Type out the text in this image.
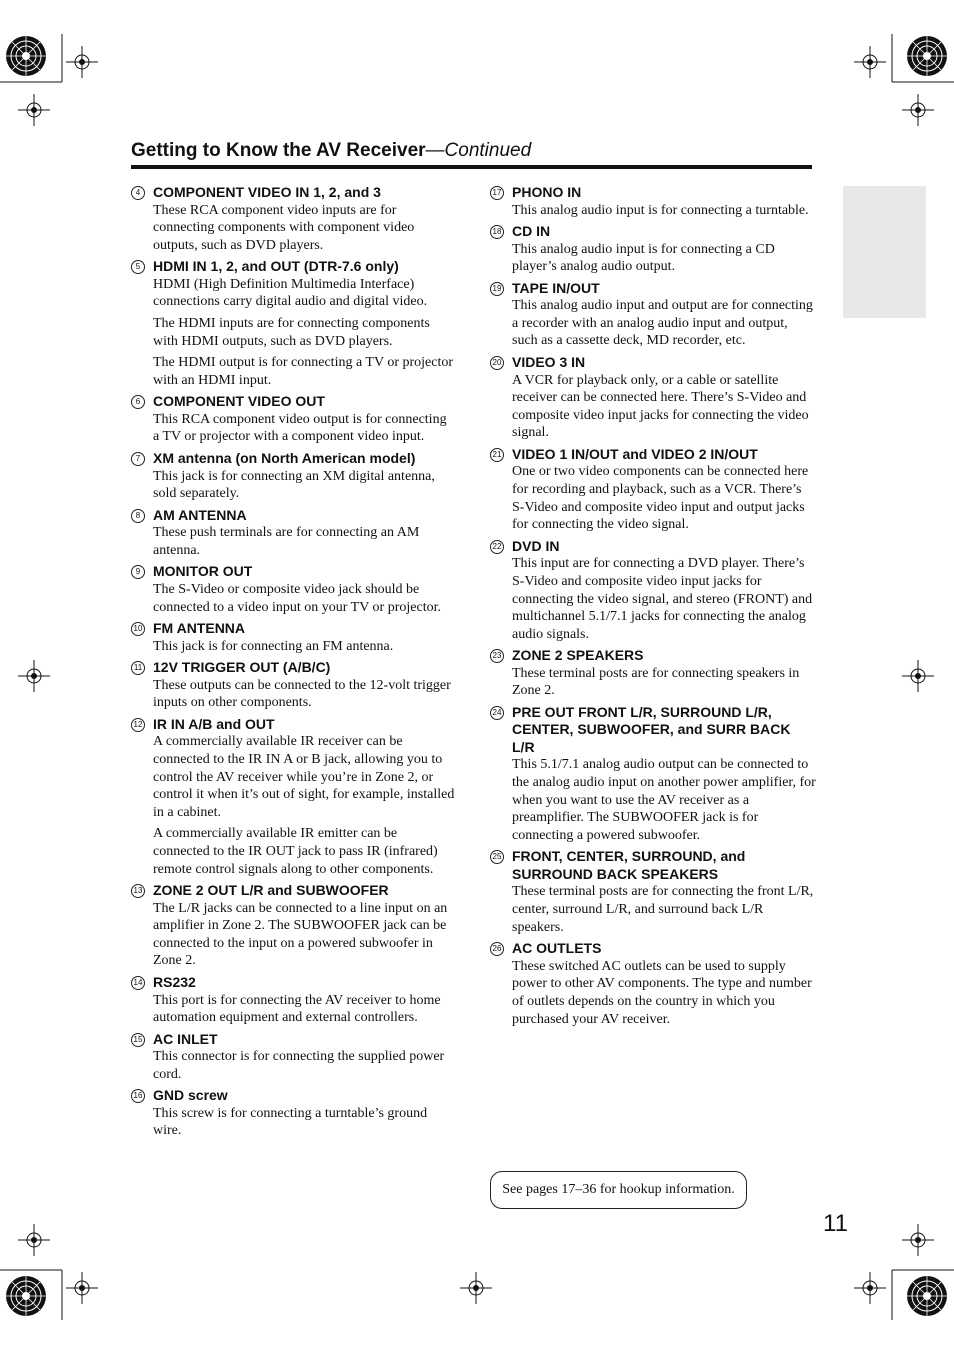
Getting to Know the AV Receiver—Continued
4 COMPONENT VIDEO IN 1, 2, and 3

These RCA component video inputs are for connecting components with component video outputs, such as DVD players.

5 HDMI IN 1, 2, and OUT (DTR-7.6 only)

HDMI (High Definition Multimedia Interface) connections carry digital audio and digital video.

The HDMI inputs are for connecting components with HDMI outputs, such as DVD players.

The HDMI output is for connecting a TV or projector with an HDMI input.

6 COMPONENT VIDEO OUT

This RCA component video output is for connecting a TV or projector with a component video input.

7 XM antenna (on North American model)

This jack is for connecting an XM digital antenna, sold separately.

8 AM ANTENNA

These push terminals are for connecting an AM antenna.

9 MONITOR OUT

The S-Video or composite video jack should be connected to a video input on your TV or projector.

10 FM ANTENNA

This jack is for connecting an FM antenna.

11 12V TRIGGER OUT (A/B/C)

These outputs can be connected to the 12-volt trigger inputs on other components.

12 IR IN A/B and OUT

A commercially available IR receiver can be connected to the IR IN A or B jack, allowing you to control the AV receiver while you’re in Zone 2, or control it when it’s out of sight, for example, installed in a cabinet.

A commercially available IR emitter can be connected to the IR OUT jack to pass IR (infrared) remote control signals along to other components.

13 ZONE 2 OUT L/R and SUBWOOFER

The L/R jacks can be connected to a line input on an amplifier in Zone 2. The SUBWOOFER jack can be connected to the input on a powered subwoofer in Zone 2.

14 RS232

This port is for connecting the AV receiver to home automation equipment and external controllers.

15 AC INLET

This connector is for connecting the supplied power cord.

16 GND screw

This screw is for connecting a turntable’s ground wire.

17 PHONO IN

This analog audio input is for connecting a turntable.

18 CD IN

This analog audio input is for connecting a CD player’s analog audio output.

19 TAPE IN/OUT

This analog audio input and output are for connecting a recorder with an analog audio input and output, such as a cassette deck, MD recorder, etc.

20 VIDEO 3 IN

A VCR for playback only, or a cable or satellite receiver can be connected here. There’s S-Video and composite video input jacks for connecting the video signal.

21 VIDEO 1 IN/OUT and VIDEO 2 IN/OUT

One or two video components can be connected here for recording and playback, such as a VCR. There’s S-Video and composite video input and output jacks for connecting the video signal.

22 DVD IN

This input are for connecting a DVD player. There’s S-Video and composite video input jacks for connecting the video signal, and stereo (FRONT) and multichannel 5.1/7.1 jacks for connecting the analog audio signals.

23 ZONE 2 SPEAKERS

These terminal posts are for connecting speakers in Zone 2.

24 PRE OUT FRONT L/R, SURROUND L/R, CENTER, SUBWOOFER, and SURR BACK L/R

This 5.1/7.1 analog audio output can be connected to the analog audio input on another power amplifier, for when you want to use the AV receiver as a preamplifier. The SUBWOOFER jack is for connecting a powered subwoofer.

25 FRONT, CENTER, SURROUND, and SURROUND BACK SPEAKERS

These terminal posts are for connecting the front L/R, center, surround L/R, and surround back L/R speakers.

26 AC OUTLETS

These switched AC outlets can be used to supply power to other AV components. The type and number of outlets depends on the country in which you purchased your AV receiver.

See pages 17–36 for hookup information.
11
